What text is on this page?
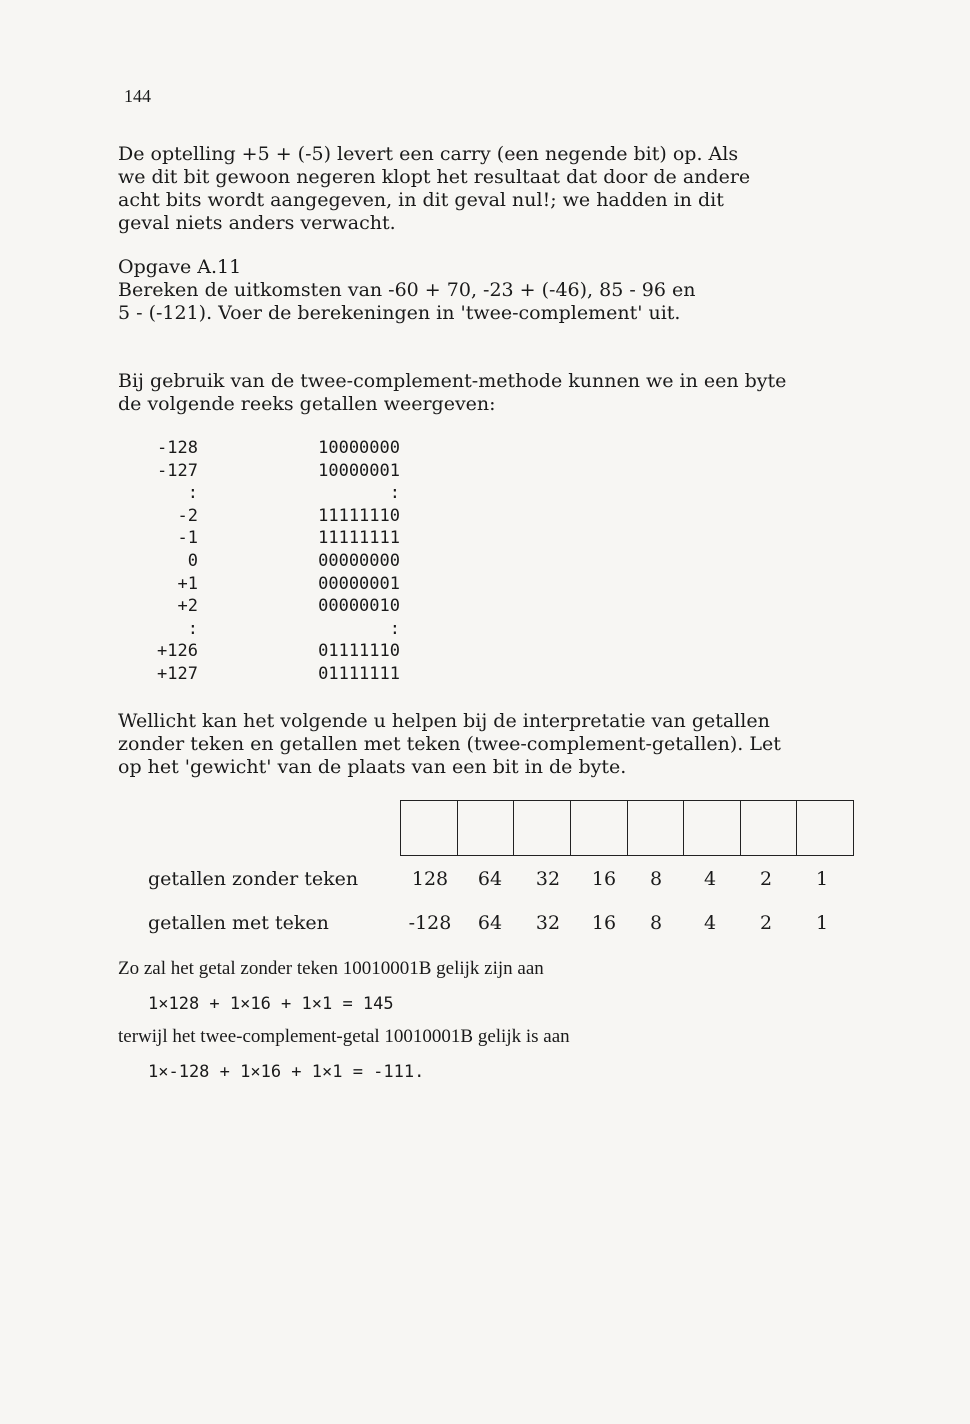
144
De optelling +5 + (-5) levert een carry (een negende bit) op. Als
we dit bit gewoon negeren klopt het resultaat dat door de andere
acht bits wordt aangegeven, in dit geval nul!; we hadden in dit
geval niets anders verwacht.
Opgave A.11
Bereken de uitkomsten van -60 + 70, -23 + (-46), 85 - 96 en
5 - (-121). Voer de berekeningen in 'twee-complement' uit.
Bij gebruik van de twee-complement-methode kunnen we in een byte
de volgende reeks getallen weergeven:
-128	10000000
-127	10000001
:	:
-2	11111110
-1	11111111
0	00000000
+1	00000001
+2	00000010
:	:
+126	01111110
+127	01111111
Wellicht kan het volgende u helpen bij de interpretatie van getallen
zonder teken en getallen met teken (twee-complement-getallen). Let
op het 'gewicht' van de plaats van een bit in de byte.
getallen zonder teken	128	64	32	16	8	4	2	1
getallen met teken	-128	64	32	16	8	4	2	1
Zo zal het getal zonder teken 10010001B gelijk zijn aan
1×128 + 1×16 + 1×1 = 145
terwijl het twee-complement-getal 10010001B gelijk is aan
1×-128 + 1×16 + 1×1 = -111.
